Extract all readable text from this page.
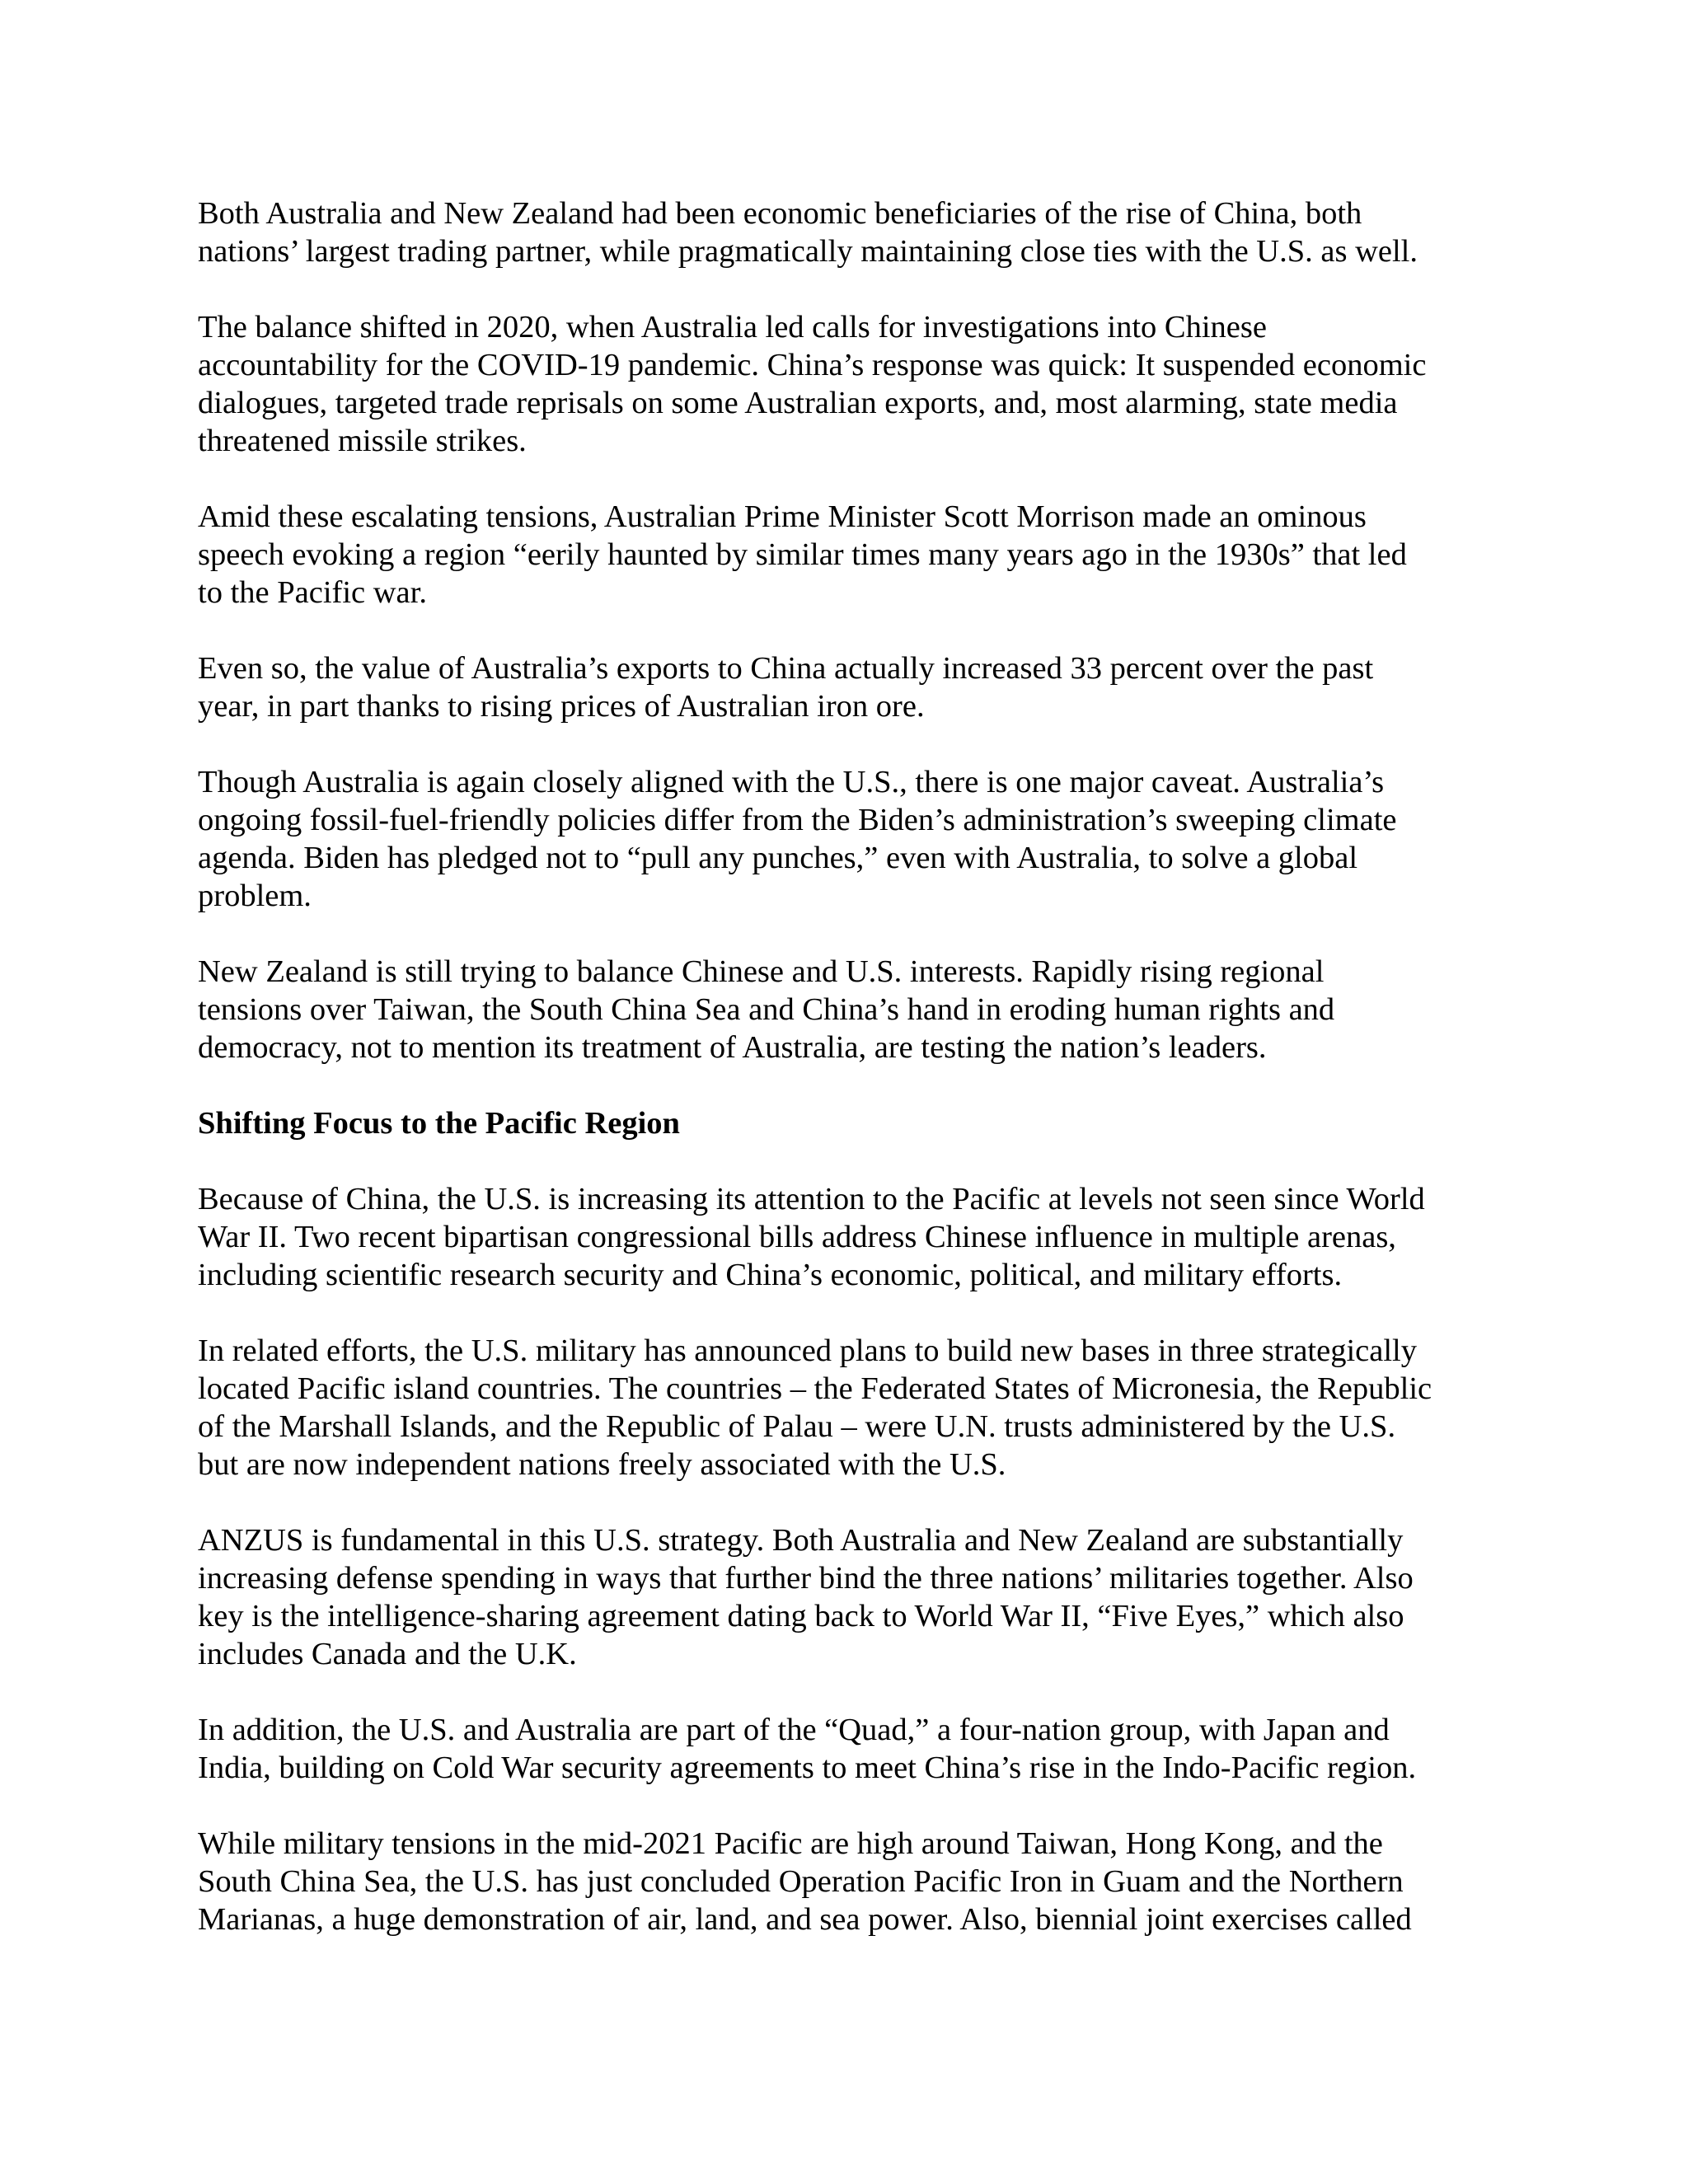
Both Australia and New Zealand had been economic beneficiaries of the rise of China, both
nations’ largest trading partner, while pragmatically maintaining close ties with the U.S. as well.

The balance shifted in 2020, when Australia led calls for investigations into Chinese
accountability for the COVID-19 pandemic. China’s response was quick: It suspended economic
dialogues, targeted trade reprisals on some Australian exports, and, most alarming, state media
threatened missile strikes.

Amid these escalating tensions, Australian Prime Minister Scott Morrison made an ominous
speech evoking a region “eerily haunted by similar times many years ago in the 1930s” that led
to the Pacific war.

Even so, the value of Australia’s exports to China actually increased 33 percent over the past
year, in part thanks to rising prices of Australian iron ore.

Though Australia is again closely aligned with the U.S., there is one major caveat. Australia’s
ongoing fossil-fuel-friendly policies differ from the Biden’s administration’s sweeping climate
agenda. Biden has pledged not to “pull any punches,” even with Australia, to solve a global
problem.

New Zealand is still trying to balance Chinese and U.S. interests. Rapidly rising regional
tensions over Taiwan, the South China Sea and China’s hand in eroding human rights and
democracy, not to mention its treatment of Australia, are testing the nation’s leaders.

Shifting Focus to the Pacific Region

Because of China, the U.S. is increasing its attention to the Pacific at levels not seen since World
War II. Two recent bipartisan congressional bills address Chinese influence in multiple arenas,
including scientific research security and China’s economic, political, and military efforts.

In related efforts, the U.S. military has announced plans to build new bases in three strategically
located Pacific island countries. The countries – the Federated States of Micronesia, the Republic
of the Marshall Islands, and the Republic of Palau – were U.N. trusts administered by the U.S.
but are now independent nations freely associated with the U.S.

ANZUS is fundamental in this U.S. strategy. Both Australia and New Zealand are substantially
increasing defense spending in ways that further bind the three nations’ militaries together. Also
key is the intelligence-sharing agreement dating back to World War II, “Five Eyes,” which also
includes Canada and the U.K.

In addition, the U.S. and Australia are part of the “Quad,” a four-nation group, with Japan and
India, building on Cold War security agreements to meet China’s rise in the Indo-Pacific region.

While military tensions in the mid-2021 Pacific are high around Taiwan, Hong Kong, and the
South China Sea, the U.S. has just concluded Operation Pacific Iron in Guam and the Northern
Marianas, a huge demonstration of air, land, and sea power. Also, biennial joint exercises called
